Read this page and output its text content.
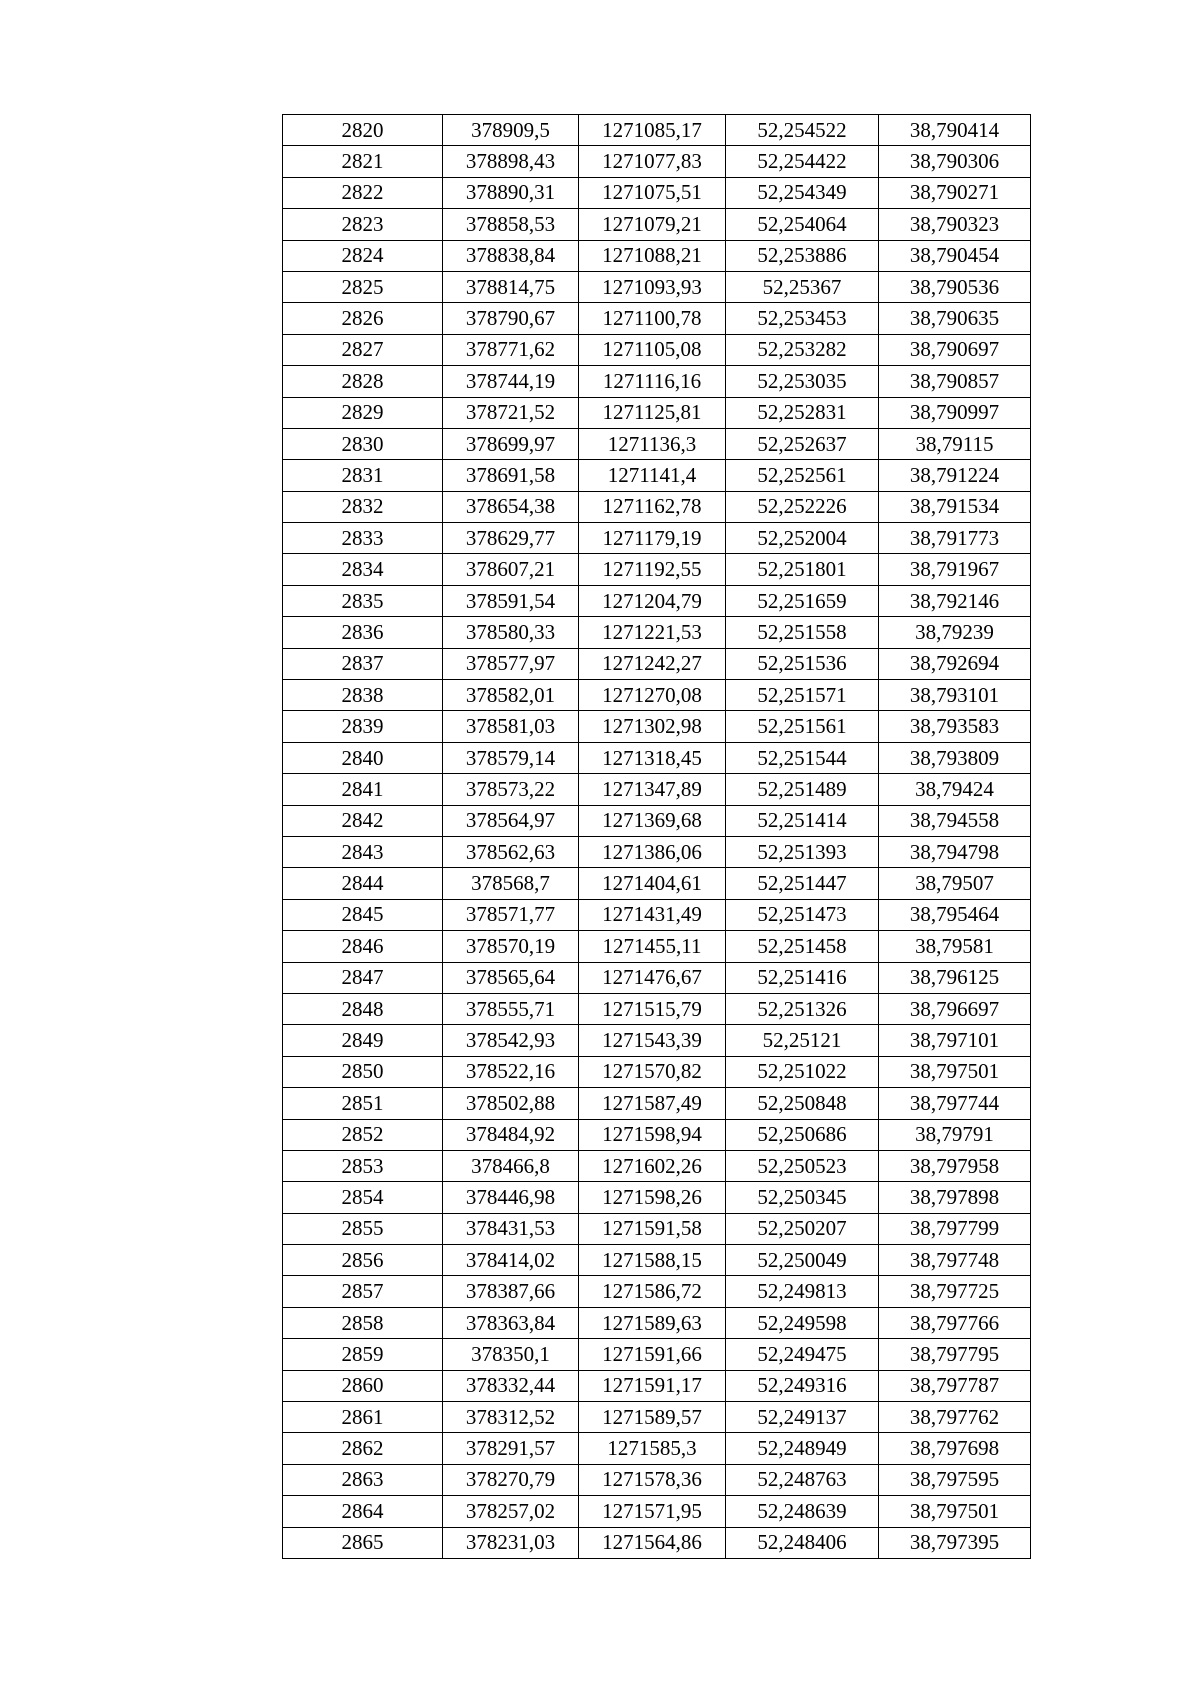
2820	378909,5	1271085,17	52,254522	38,790414
2821	378898,43	1271077,83	52,254422	38,790306
2822	378890,31	1271075,51	52,254349	38,790271
2823	378858,53	1271079,21	52,254064	38,790323
2824	378838,84	1271088,21	52,253886	38,790454
2825	378814,75	1271093,93	52,25367	38,790536
2826	378790,67	1271100,78	52,253453	38,790635
2827	378771,62	1271105,08	52,253282	38,790697
2828	378744,19	1271116,16	52,253035	38,790857
2829	378721,52	1271125,81	52,252831	38,790997
2830	378699,97	1271136,3	52,252637	38,79115
2831	378691,58	1271141,4	52,252561	38,791224
2832	378654,38	1271162,78	52,252226	38,791534
2833	378629,77	1271179,19	52,252004	38,791773
2834	378607,21	1271192,55	52,251801	38,791967
2835	378591,54	1271204,79	52,251659	38,792146
2836	378580,33	1271221,53	52,251558	38,79239
2837	378577,97	1271242,27	52,251536	38,792694
2838	378582,01	1271270,08	52,251571	38,793101
2839	378581,03	1271302,98	52,251561	38,793583
2840	378579,14	1271318,45	52,251544	38,793809
2841	378573,22	1271347,89	52,251489	38,79424
2842	378564,97	1271369,68	52,251414	38,794558
2843	378562,63	1271386,06	52,251393	38,794798
2844	378568,7	1271404,61	52,251447	38,79507
2845	378571,77	1271431,49	52,251473	38,795464
2846	378570,19	1271455,11	52,251458	38,79581
2847	378565,64	1271476,67	52,251416	38,796125
2848	378555,71	1271515,79	52,251326	38,796697
2849	378542,93	1271543,39	52,25121	38,797101
2850	378522,16	1271570,82	52,251022	38,797501
2851	378502,88	1271587,49	52,250848	38,797744
2852	378484,92	1271598,94	52,250686	38,79791
2853	378466,8	1271602,26	52,250523	38,797958
2854	378446,98	1271598,26	52,250345	38,797898
2855	378431,53	1271591,58	52,250207	38,797799
2856	378414,02	1271588,15	52,250049	38,797748
2857	378387,66	1271586,72	52,249813	38,797725
2858	378363,84	1271589,63	52,249598	38,797766
2859	378350,1	1271591,66	52,249475	38,797795
2860	378332,44	1271591,17	52,249316	38,797787
2861	378312,52	1271589,57	52,249137	38,797762
2862	378291,57	1271585,3	52,248949	38,797698
2863	378270,79	1271578,36	52,248763	38,797595
2864	378257,02	1271571,95	52,248639	38,797501
2865	378231,03	1271564,86	52,248406	38,797395
